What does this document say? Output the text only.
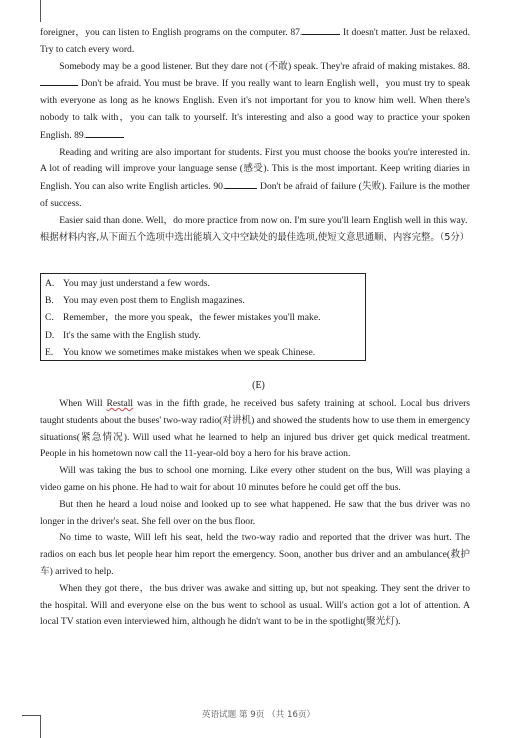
foreigner，you can listen to English programs on the computer. 87.	It doesn't matter. Just be relaxed. Try to catch every word.

Somebody may be a good listener. But they dare not (不敢) speak. They're afraid of making mistakes. 88. Don't be afraid. You must be brave. If you really want to learn English well，you must try to speak with everyone as long as he knows English. Even it's not important for you to know him well. When there's nobody to talk with，you can talk to yourself. It's interesting and also a good way to practice your spoken English. 89.

Reading and writing are also important for students. First you must choose the books you're interested in. A lot of reading will improve your language sense (感受). This is the most important. Keep writing diaries in English. You can also write English articles. 90.	Don't be afraid of failure (失败). Failure is the mother of success.

Easier said than done. Well，do more practice from now on. I'm sure you'll learn English well in this way.

根据材料内容,从下面五个选项中选出能填入文中空缺处的最佳选项,使短文意思通顺、内容完整。（5分）

A. You may just understand a few words.
B. You may even post them to English magazines.
C. Remember，the more you speak，the fewer mistakes you'll make.
D. It's the same with the English study.
E. You know we sometimes make mistakes when we speak Chinese.
(E)

When Will Restall was in the fifth grade, he received bus safety training at school. Local bus drivers taught students about the buses' two-way radio(对讲机) and showed the students how to use them in emergency situations(紧急情况). Will used what he learned to help an injured bus driver get quick medical treatment. People in his hometown now call the 11-year-old boy a hero for his brave action.

Will was taking the bus to school one morning. Like every other student on the bus, Will was playing a video game on his phone. He had to wait for about 10 minutes before he could get off the bus.

But then he heard a loud noise and looked up to see what happened. He saw that the bus driver was no longer in the driver's seat. She fell over on the bus floor.

No time to waste, Will left his seat, held the two-way radio and reported that the driver was hurt. The radios on each bus let people hear him report the emergency. Soon, another bus driver and an ambulance(救护车) arrived to help.

When they got there，the bus driver was awake and sitting up, but not speaking. They sent the driver to the hospital. Will and everyone else on the bus went to school as usual. Will's action got a lot of attention. A local TV station even interviewed him, although he didn't want to be in the spotlight(聚光灯).

英语试题 第 9页 （共 16页）
